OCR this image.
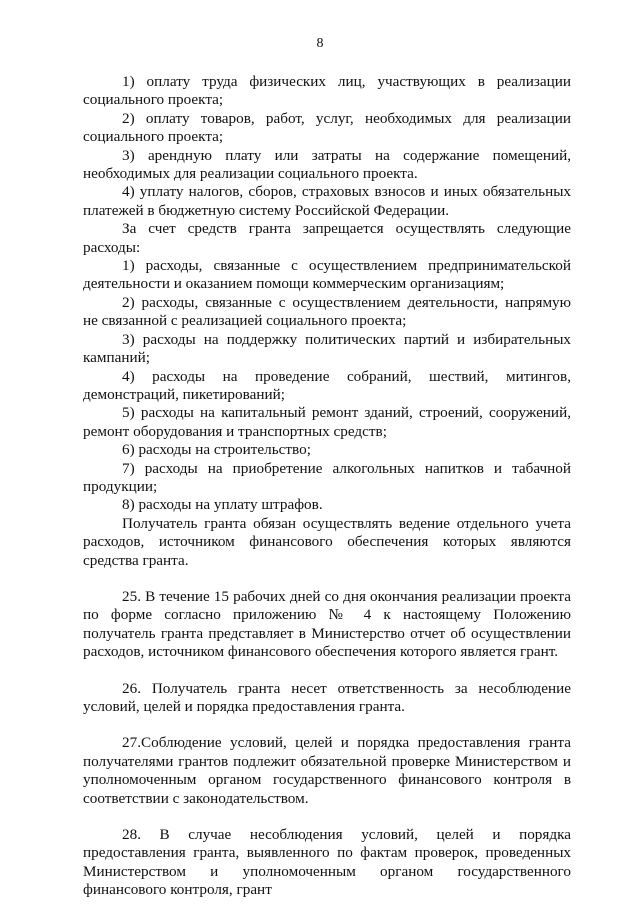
8

1) оплату труда физических лиц, участвующих в реализации социального проекта;

2) оплату товаров, работ, услуг, необходимых для реализации социального проекта;

3) арендную плату или затраты на содержание помещений, необходимых для реализации социального проекта.

4) уплату налогов, сборов, страховых взносов и иных обязательных платежей в бюджетную систему Российской Федерации.

За счет средств гранта запрещается осуществлять следующие расходы:

1) расходы, связанные с осуществлением предпринимательской деятельности и оказанием помощи коммерческим организациям;

2) расходы, связанные с осуществлением деятельности, напрямую не связанной с реализацией социального проекта;

3) расходы на поддержку политических партий и избирательных кампаний;

4) расходы на проведение собраний, шествий, митингов, демонстраций, пикетирований;

5) расходы на капитальный ремонт зданий, строений, сооружений, ремонт оборудования и транспортных средств;

6) расходы на строительство;

7) расходы на приобретение алкогольных напитков и табачной продукции;

8) расходы на уплату штрафов.

Получатель гранта обязан осуществлять ведение отдельного учета расходов, источником финансового обеспечения которых являются средства гранта.

25. В течение 15 рабочих дней со дня окончания реализации проекта по форме согласно приложению № 4 к настоящему Положению получатель гранта представляет в Министерство отчет об осуществлении расходов, источником финансового обеспечения которого является грант.

26. Получатель гранта несет ответственность за несоблюдение условий, целей и порядка предоставления гранта.

27.Соблюдение условий, целей и порядка предоставления гранта получателями грантов подлежит обязательной проверке Министерством и уполномоченным органом государственного финансового контроля в соответствии с законодательством.

28. В случае несоблюдения условий, целей и порядка предоставления гранта, выявленного по фактам проверок, проведенных Министерством и уполномоченным органом государственного финансового контроля, грант
